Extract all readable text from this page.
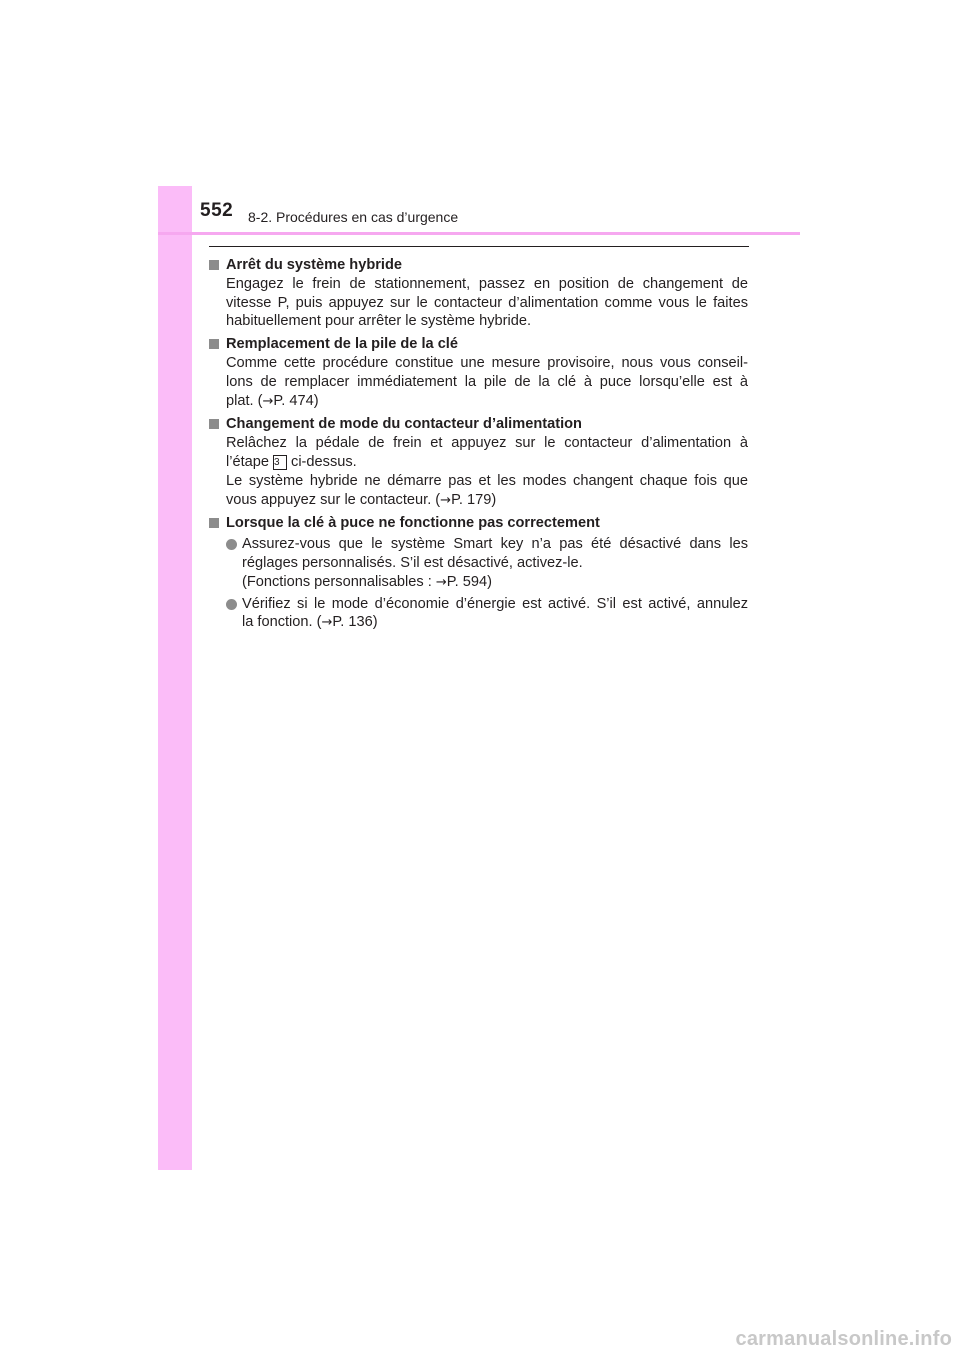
552 8-2. Procédures en cas d’urgence
Arrêt du système hybride
Engagez le frein de stationnement, passez en position de changement de
vitesse P, puis appuyez sur le contacteur d’alimentation comme vous le faites
habituellement pour arrêter le système hybride.
Remplacement de la pile de la clé
Comme cette procédure constitue une mesure provisoire, nous vous conseil-
lons de remplacer immédiatement la pile de la clé à puce lorsqu’elle est à
plat. (→P. 474)
Changement de mode du contacteur d’alimentation
Relâchez la pédale de frein et appuyez sur le contacteur d’alimentation à
l’étape 3 ci-dessus.
Le système hybride ne démarre pas et les modes changent chaque fois que
vous appuyez sur le contacteur. (→P. 179)
Lorsque la clé à puce ne fonctionne pas correctement
Assurez-vous que le système Smart key n’a pas été désactivé dans les
réglages personnalisés. S’il est désactivé, activez-le.
(Fonctions personnalisables : →P. 594)
Vérifiez si le mode d’économie d’énergie est activé. S’il est activé, annulez
la fonction. (→P. 136)
carmanualsonline.info
